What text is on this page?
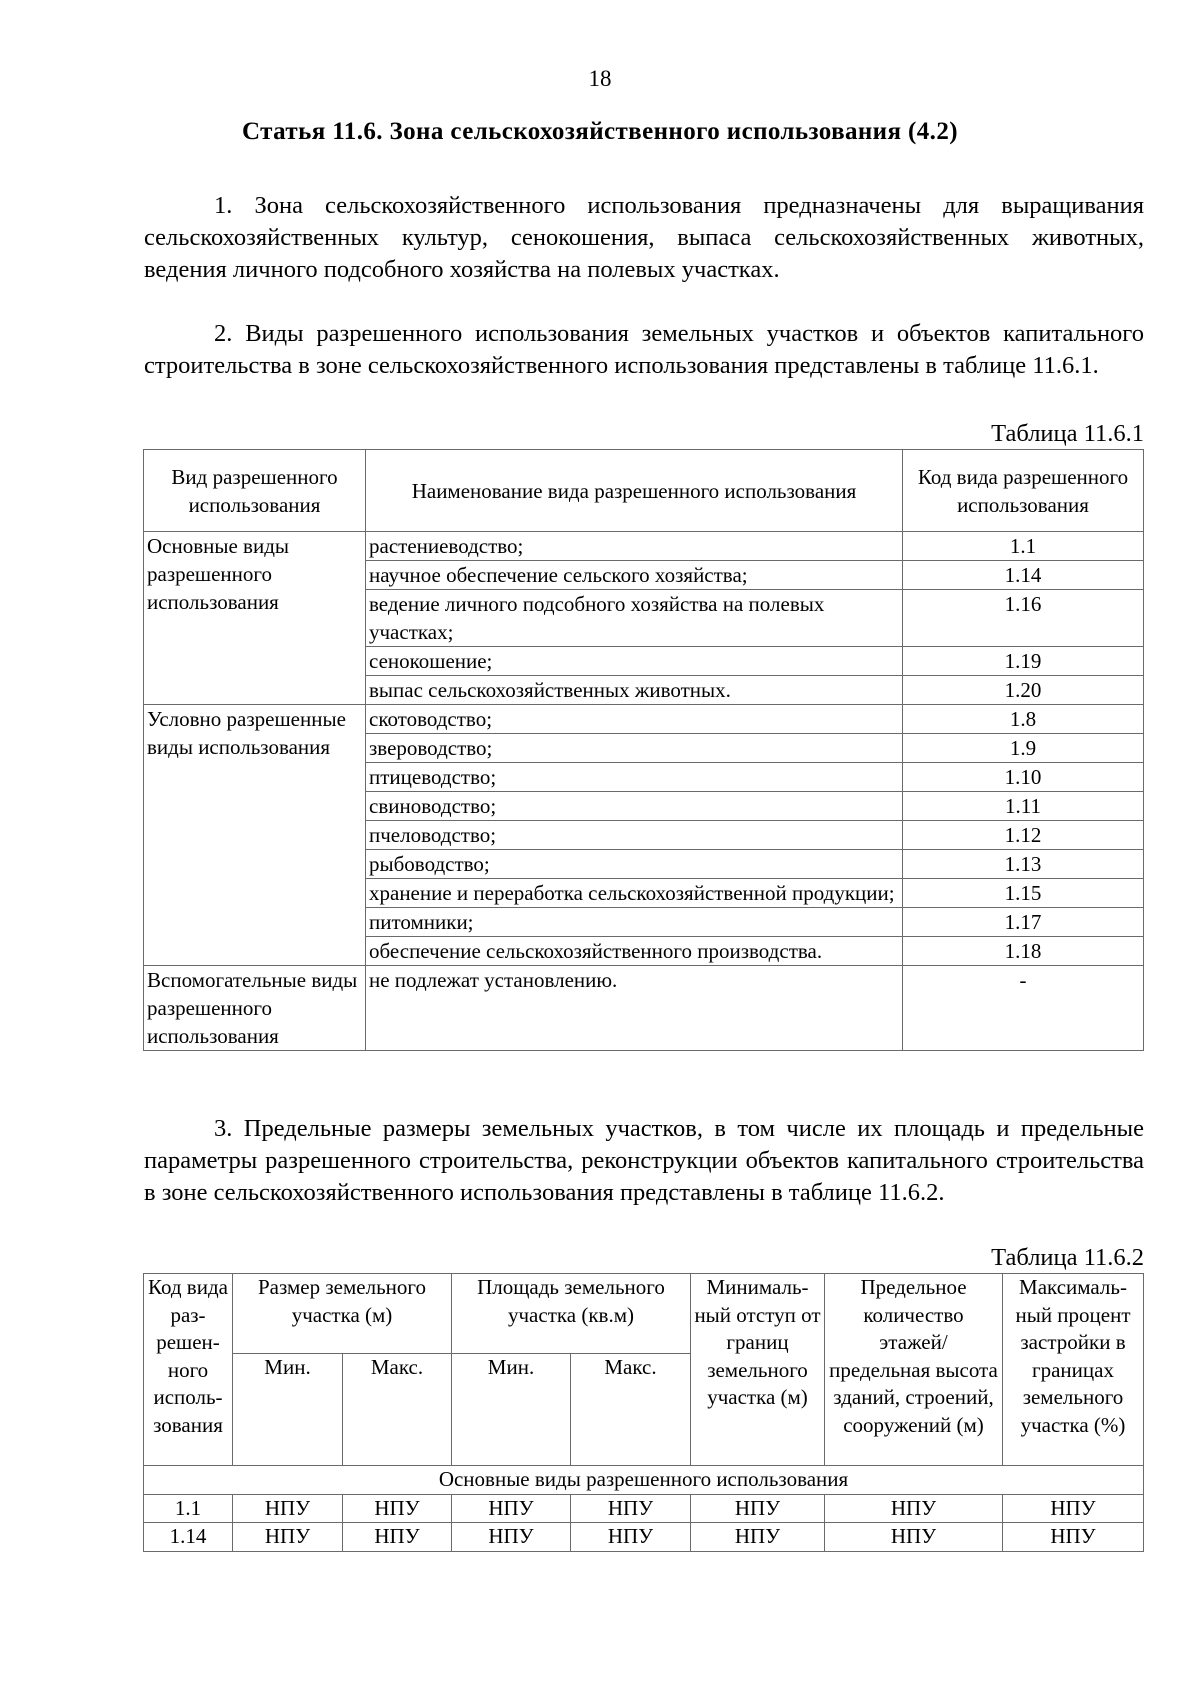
18
Статья 11.6. Зона сельскохозяйственного использования (4.2)

1. Зона сельскохозяйственного использования предназначены для выращивания сельскохозяйственных культур, сенокошения, выпаса сельскохозяйственных животных, ведения личного подсобного хозяйства на полевых участках.

2. Виды разрешенного использования земельных участков и объектов капитального строительства в зоне сельскохозяйственного использования представлены в таблице 11.6.1.

Таблица 11.6.1
Вид разрешенного использования	Наименование вида разрешенного использования	Код вида разрешенного использования
Основные виды разрешенного использования	растениеводство;	1.1
	научное обеспечение сельского хозяйства;	1.14
	ведение личного подсобного хозяйства на полевых участках;	1.16
	сенокошение;	1.19
	выпас сельскохозяйственных животных.	1.20
Условно разрешенные виды использования	скотоводство;	1.8
	звероводство;	1.9
	птицеводство;	1.10
	свиноводство;	1.11
	пчеловодство;	1.12
	рыбоводство;	1.13
	хранение и переработка сельскохозяйственной продукции;	1.15
	питомники;	1.17
	обеспечение сельскохозяйственного производства.	1.18
Вспомогательные виды разрешенного использования	не подлежат установлению.	-

3. Предельные размеры земельных участков, в том числе их площадь и предельные параметры разрешенного строительства, реконструкции объектов капитального строительства в зоне сельскохозяйственного использования представлены в таблице 11.6.2.

Таблица 11.6.2
Код вида раз-решен-ного исполь-зования	Размер земельного участка (м)		Площадь земельного участка (кв.м)		Минималь-ный отступ от границ земельного участка (м)	Предельное количество этажей/ предельная высота зданий, строений, сооружений (м)	Максималь-ный процент застройки в границах земельного участка (%)
	Мин.	Макс.	Мин.	Макс.			
Основные виды разрешенного использования							
1.1	НПУ	НПУ	НПУ	НПУ	НПУ	НПУ	НПУ
1.14	НПУ	НПУ	НПУ	НПУ	НПУ	НПУ	НПУ
